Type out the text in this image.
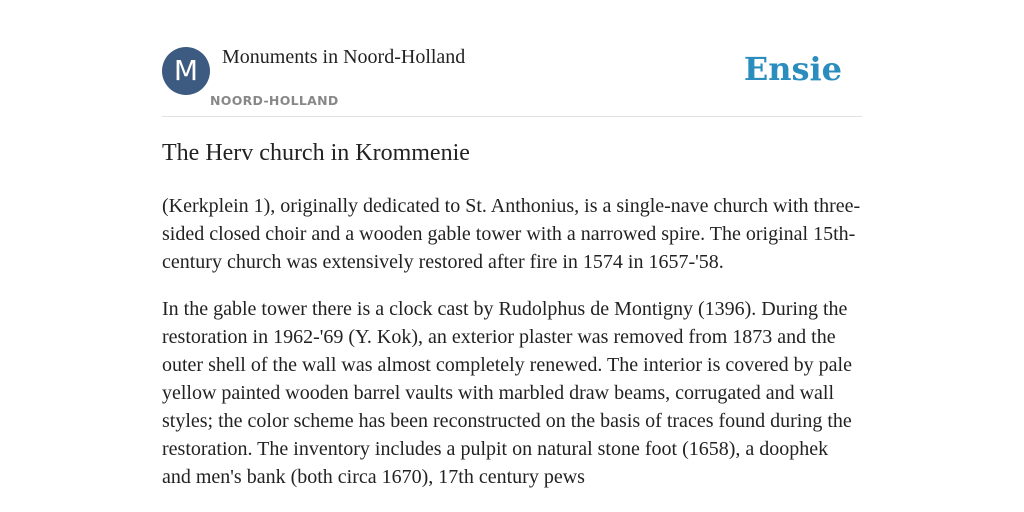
M	Monuments in Noord-Holland
NOORD-HOLLAND
Ensie
The Herv church in Krommenie

(Kerkplein 1), originally dedicated to St. Anthonius, is a single-nave church with three-sided closed choir and a wooden gable tower with a narrowed spire. The original 15th-century church was extensively restored after fire in 1574 in 1657-'58.

In the gable tower there is a clock cast by Rudolphus de Montigny (1396). During the restoration in 1962-'69 (Y. Kok), an exterior plaster was removed from 1873 and the outer shell of the wall was almost completely renewed. The interior is covered by pale yellow painted wooden barrel vaults with marbled draw beams, corrugated and wall styles; the color scheme has been reconstructed on the basis of traces found during the restoration. The inventory includes a pulpit on natural stone foot (1658), a doophek and men's bank (both circa 1670), 17th century pews
